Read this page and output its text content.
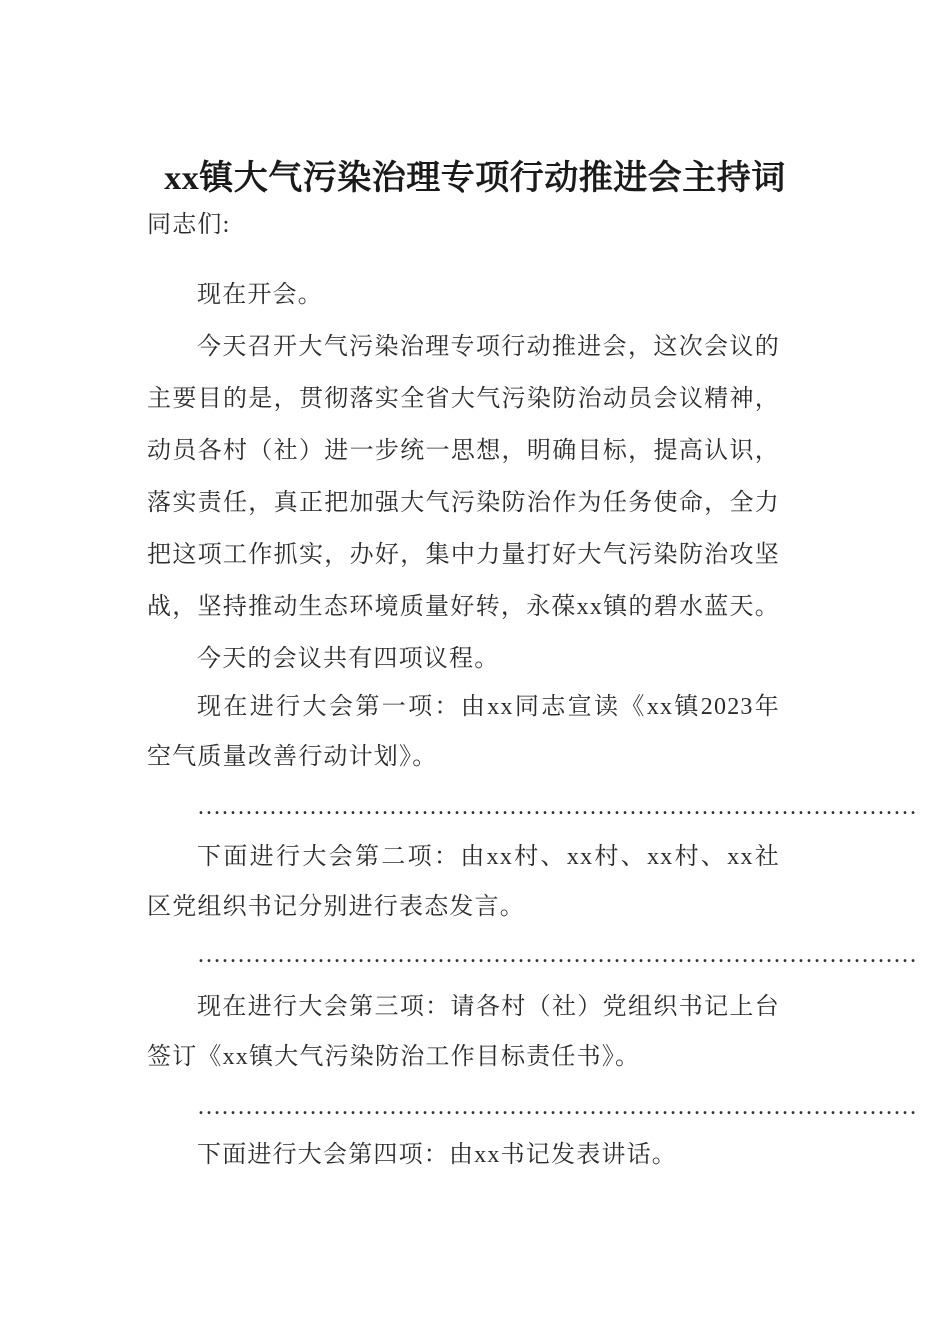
xx镇大气污染治理专项行动推进会主持词
同志们:
现在开会。
今天召开大气污染治理专项行动推进会，这次会议的
主要目的是，贯彻落实全省大气污染防治动员会议精神，
动员各村（社）进一步统一思想，明确目标，提高认识，
落实责任，真正把加强大气污染防治作为任务使命，全力
把这项工作抓实，办好，集中力量打好大气污染防治攻坚
战，坚持推动生态环境质量好转，永葆xx镇的碧水蓝天。
今天的会议共有四项议程。
现在进行大会第一项：由xx同志宣读《xx镇2023年
空气质量改善行动计划》。
………………………………………………………………………………
下面进行大会第二项：由xx村、xx村、xx村、xx社
区党组织书记分别进行表态发言。
………………………………………………………………………………
现在进行大会第三项：请各村（社）党组织书记上台
签订《xx镇大气污染防治工作目标责任书》。
………………………………………………………………………………
下面进行大会第四项：由xx书记发表讲话。
